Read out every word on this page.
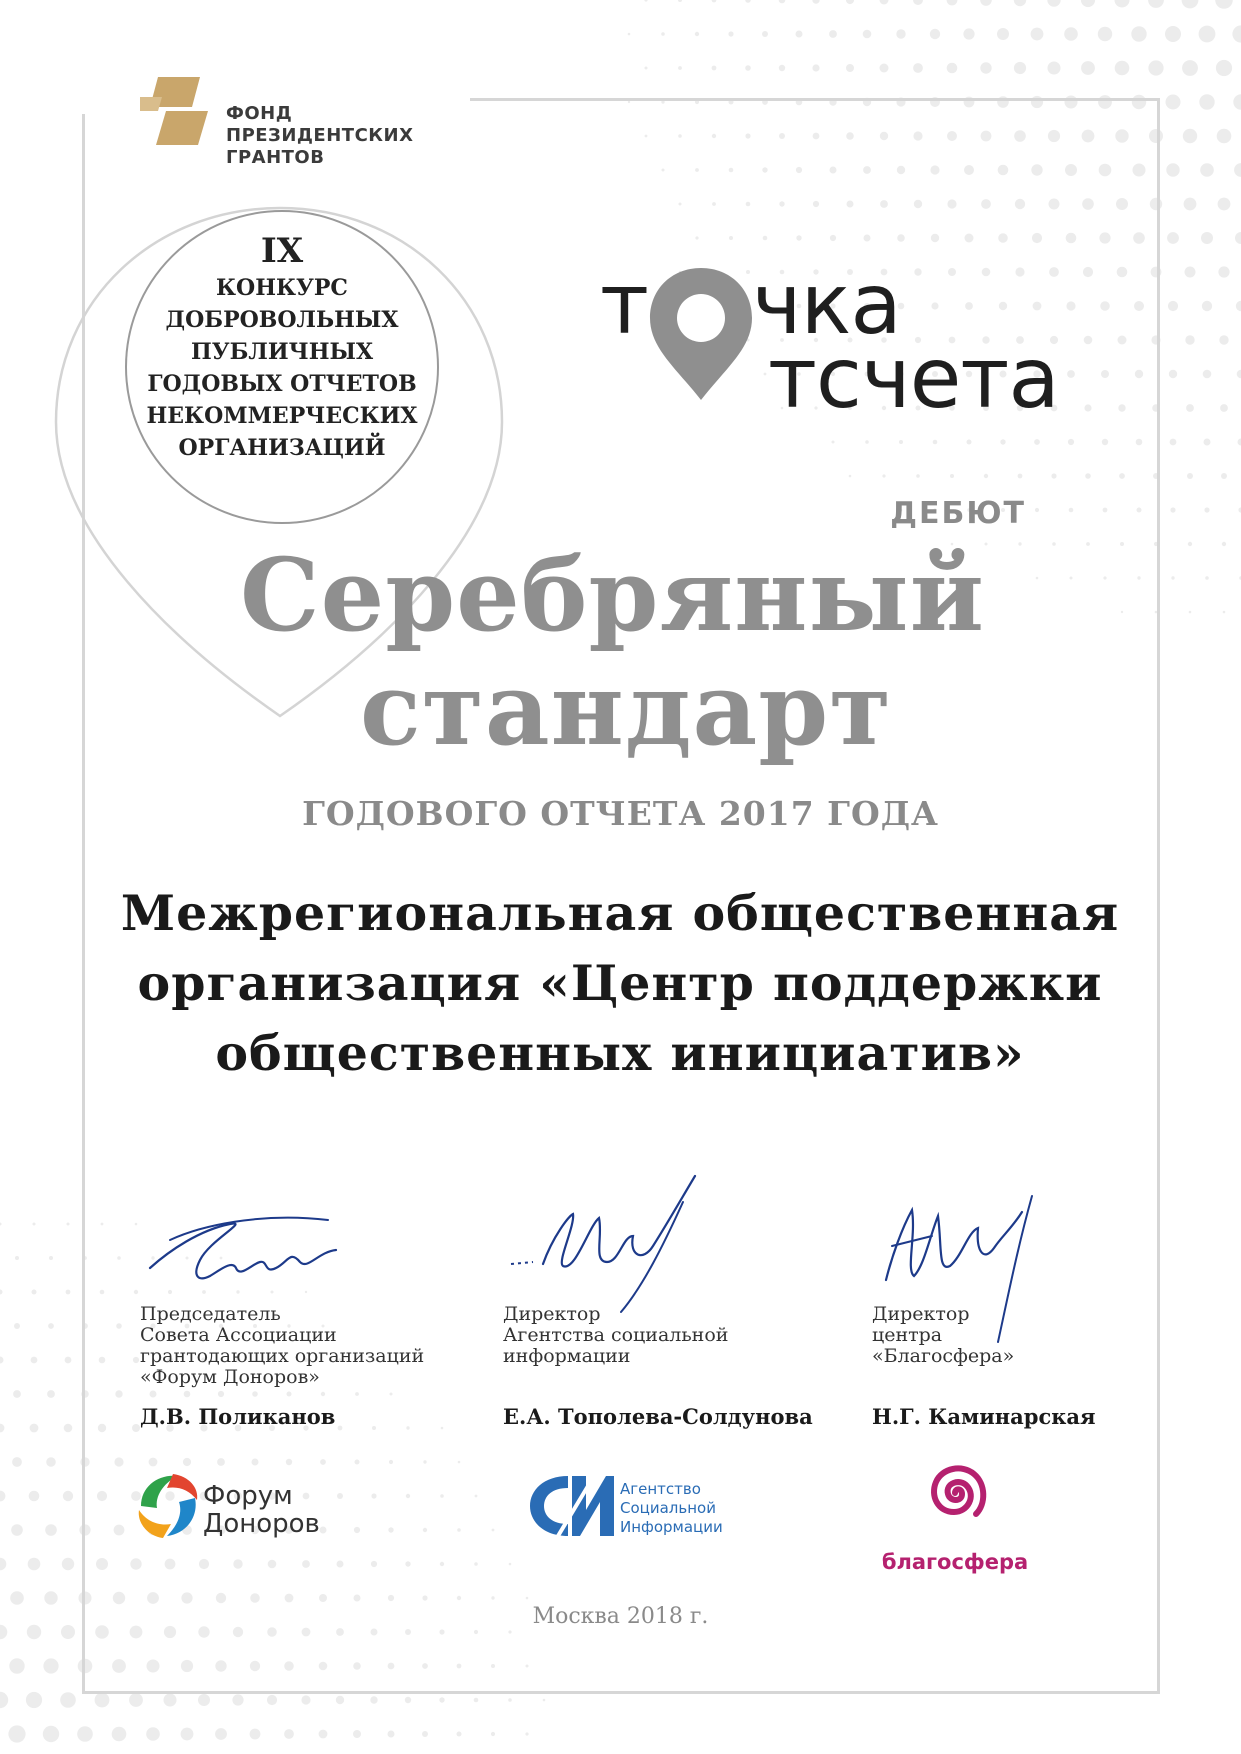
ФОНД
ПРЕЗИДЕНТСКИХ
ГРАНТОВ
IX
КОНКУРС
ДОБРОВОЛЬНЫХ
ПУБЛИЧНЫХ
ГОДОВЫХ ОТЧЕТОВ
НЕКОММЕРЧЕСКИХ
ОРГАНИЗАЦИЙ
т чка
тсчета
ДЕБЮТ
Серебряный
стандарт
ГОДОВОГО ОТЧЕТА 2017 ГОДА
Межрегиональная общественная
организация «Центр поддержки
общественных инициатив»
Председатель
Совета Ассоциации
грантодающих организаций
«Форум Доноров»
Д.В. Поликанов
Директор
Агентства социальной
информации
Е.А. Тополева-Солдунова
Директор
центра
«Благосфера»
Н.Г. Каминарская
Форум
Доноров
Агентство
Социальной
Информации
благосфера
Москва 2018 г.
